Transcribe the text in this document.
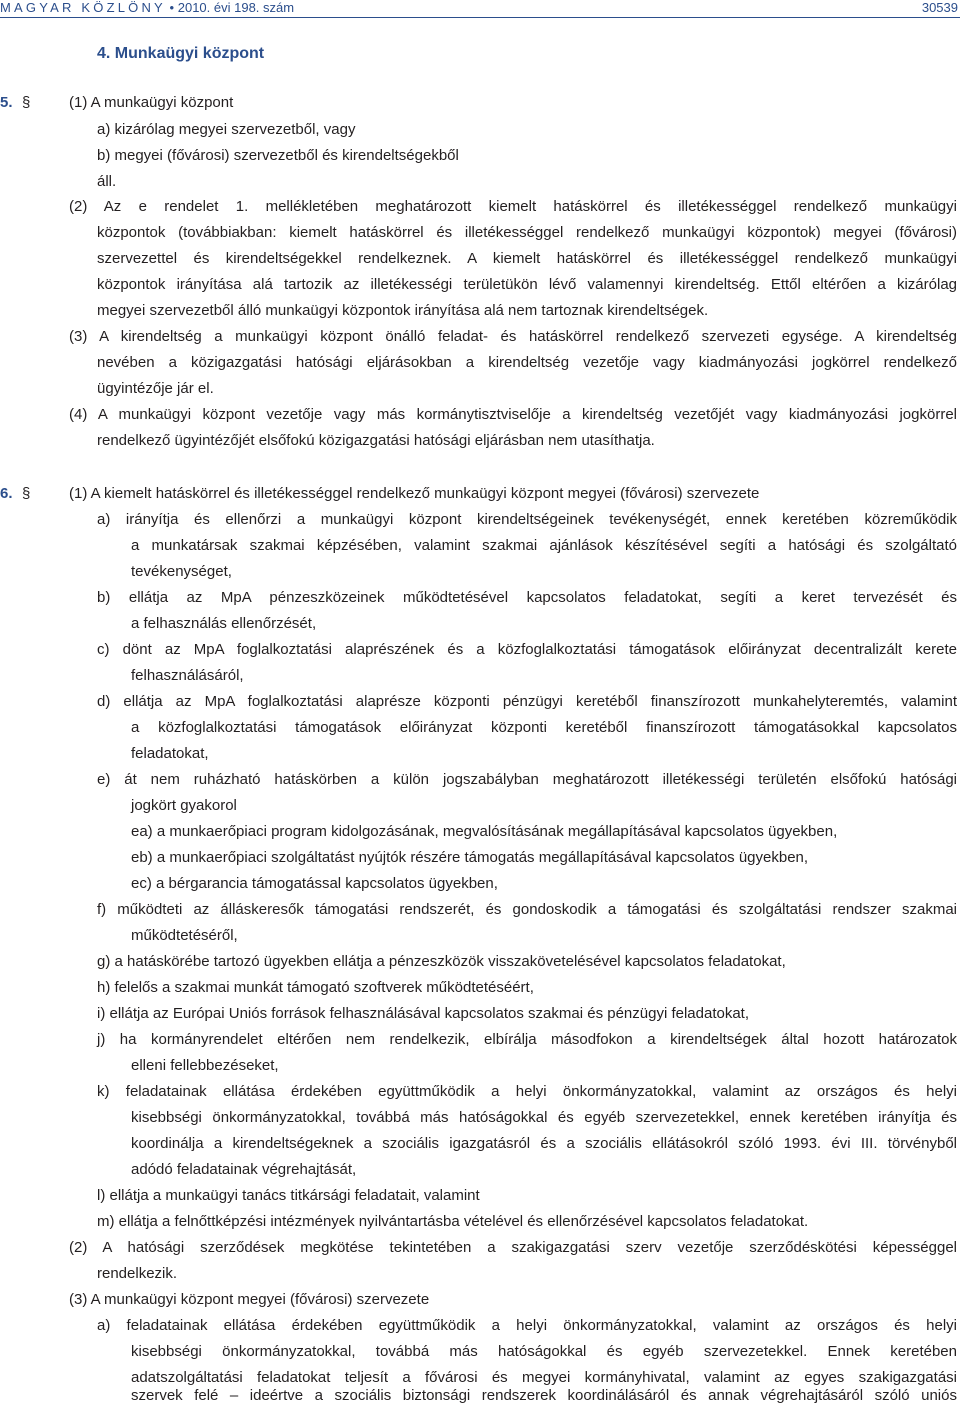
MAGYAR KÖZLÖNY • 2010. évi 198. szám	30539
4. Munkaügyi központ
5. §	(1) A munkaügyi központ
a) kizárólag megyei szervezetből, vagy
b) megyei (fővárosi) szervezetből és kirendeltségekből
áll.
(2) Az e rendelet 1. mellékletében meghatározott kiemelt hatáskörrel és illetékességgel rendelkező munkaügyi
központok (továbbiakban: kiemelt hatáskörrel és illetékességgel rendelkező munkaügyi központok) megyei (fővárosi)
szervezettel és kirendeltségekkel rendelkeznek. A kiemelt hatáskörrel és illetékességgel rendelkező munkaügyi
központok irányítása alá tartozik az illetékességi területükön lévő valamennyi kirendeltség. Ettől eltérően a kizárólag
megyei szervezetből álló munkaügyi központok irányítása alá nem tartoznak kirendeltségek.
(3) A kirendeltség a munkaügyi központ önálló feladat- és hatáskörrel rendelkező szervezeti egysége. A kirendeltség
nevében a közigazgatási hatósági eljárásokban a kirendeltség vezetője vagy kiadmányozási jogkörrel rendelkező
ügyintézője jár el.
(4) A munkaügyi központ vezetője vagy más kormánytisztviselője a kirendeltség vezetőjét vagy kiadmányozási jogkörrel
rendelkező ügyintézőjét elsőfokú közigazgatási hatósági eljárásban nem utasíthatja.
6. §	(1) A kiemelt hatáskörrel és illetékességgel rendelkező munkaügyi központ megyei (fővárosi) szervezete
a) irányítja és ellenőrzi a munkaügyi központ kirendeltségeinek tevékenységét, ennek keretében közreműködik
a munkatársak szakmai képzésében, valamint szakmai ajánlások készítésével segíti a hatósági és szolgáltató
tevékenységet,
b) ellátja az MpA pénzeszközeinek működtetésével kapcsolatos feladatokat, segíti a keret tervezését és
a felhasználás ellenőrzését,
c) dönt az MpA foglalkoztatási alaprészének és a közfoglalkoztatási támogatások előirányzat decentralizált kerete
felhasználásáról,
d) ellátja az MpA foglalkoztatási alaprésze központi pénzügyi keretéből finanszírozott munkahelyteremtés, valamint
a közfoglalkoztatási támogatások előirányzat központi keretéből finanszírozott támogatásokkal kapcsolatos
feladatokat,
e) át nem ruházható hatáskörben a külön jogszabályban meghatározott illetékességi területén elsőfokú hatósági
jogkört gyakorol
ea) a munkaerőpiaci program kidolgozásának, megvalósításának megállapításával kapcsolatos ügyekben,
eb) a munkaerőpiaci szolgáltatást nyújtók részére támogatás megállapításával kapcsolatos ügyekben,
ec) a bérgarancia támogatással kapcsolatos ügyekben,
f) működteti az álláskeresők támogatási rendszerét, és gondoskodik a támogatási és szolgáltatási rendszer szakmai
működtetéséről,
g) a hatáskörébe tartozó ügyekben ellátja a pénzeszközök visszakövetelésével kapcsolatos feladatokat,
h) felelős a szakmai munkát támogató szoftverek működtetéséért,
i) ellátja az Európai Uniós források felhasználásával kapcsolatos szakmai és pénzügyi feladatokat,
j) ha kormányrendelet eltérően nem rendelkezik, elbírálja másodfokon a kirendeltségek által hozott határozatok
elleni fellebbezéseket,
k) feladatainak ellátása érdekében együttműködik a helyi önkormányzatokkal, valamint az országos és helyi
kisebbségi önkormányzatokkal, továbbá más hatóságokkal és egyéb szervezetekkel, ennek keretében irányítja és
koordinálja a kirendeltségeknek a szociális igazgatásról és a szociális ellátásokról szóló 1993. évi III. törvényből
adódó feladatainak végrehajtását,
l) ellátja a munkaügyi tanács titkársági feladatait, valamint
m) ellátja a felnőttképzési intézmények nyilvántartásba vételével és ellenőrzésével kapcsolatos feladatokat.
(2) A hatósági szerződések megkötése tekintetében a szakigazgatási szerv vezetője szerződéskötési képességgel
rendelkezik.
(3) A munkaügyi központ megyei (fővárosi) szervezete
a) feladatainak ellátása érdekében együttműködik a helyi önkormányzatokkal, valamint az országos és helyi
kisebbségi önkormányzatokkal, továbbá más hatóságokkal és egyéb szervezetekkel. Ennek keretében
adatszolgáltatási feladatokat teljesít a fővárosi és megyei kormányhivatal, valamint az egyes szakigazgatási
szervek felé – ideértve a szociális biztonsági rendszerek koordinálásáról és annak végrehajtásáról szóló uniós
